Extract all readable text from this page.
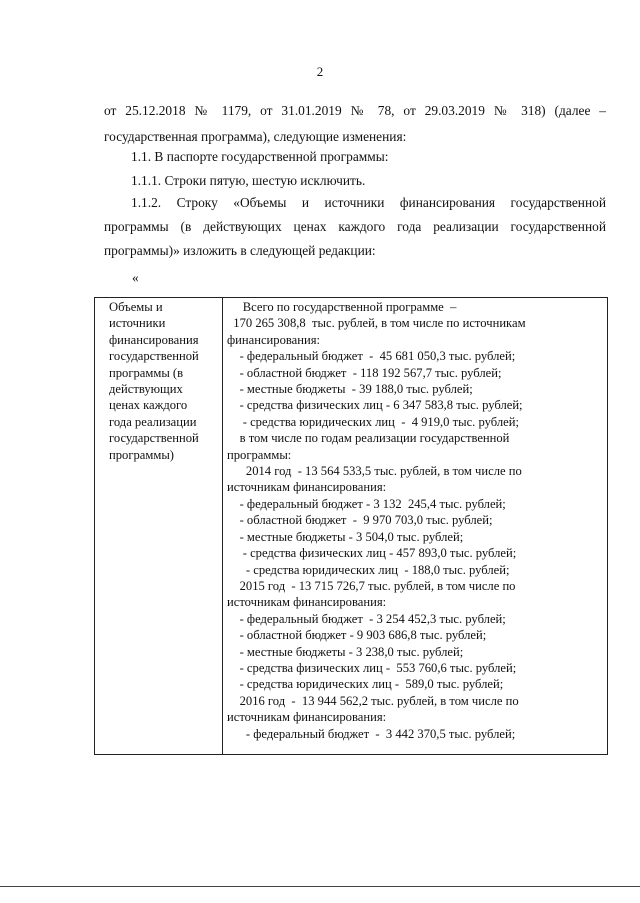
2
от 25.12.2018 № 1179, от 31.01.2019 № 78, от 29.03.2019 № 318) (далее –
государственная программа), следующие изменения:
1.1. В паспорте государственной программы:
1.1.1. Строки пятую, шестую исключить.
1.1.2. Строку «Объемы и источники финансирования государственной
программы (в действующих ценах каждого года реализации государственной
программы)» изложить в следующей редакции:
«
Объемы и
источники
финансирования
государственной
программы (в
действующих
ценах каждого
года реализации
государственной
программы)
Всего по государственной программе  –
170 265 308,8  тыс. рублей, в том числе по источникам
финансирования:
- федеральный бюджет  -  45 681 050,3 тыс. рублей;
- областной бюджет  - 118 192 567,7 тыс. рублей;
- местные бюджеты  - 39 188,0 тыс. рублей;
- средства физических лиц - 6 347 583,8 тыс. рублей;
- средства юридических лиц  -  4 919,0 тыс. рублей;
в том числе по годам реализации государственной
программы:
2014 год  - 13 564 533,5 тыс. рублей, в том числе по
источникам финансирования:
- федеральный бюджет - 3 132  245,4 тыс. рублей;
- областной бюджет  -  9 970 703,0 тыс. рублей;
- местные бюджеты - 3 504,0 тыс. рублей;
- средства физических лиц - 457 893,0 тыс. рублей;
- средства юридических лиц  - 188,0 тыс. рублей;
2015 год  - 13 715 726,7 тыс. рублей, в том числе по
источникам финансирования:
- федеральный бюджет  - 3 254 452,3 тыс. рублей;
- областной бюджет - 9 903 686,8 тыс. рублей;
- местные бюджеты - 3 238,0 тыс. рублей;
- средства физических лиц -  553 760,6 тыс. рублей;
- средства юридических лиц -  589,0 тыс. рублей;
2016 год  -  13 944 562,2 тыс. рублей, в том числе по
источникам финансирования:
- федеральный бюджет  -  3 442 370,5 тыс. рублей;
